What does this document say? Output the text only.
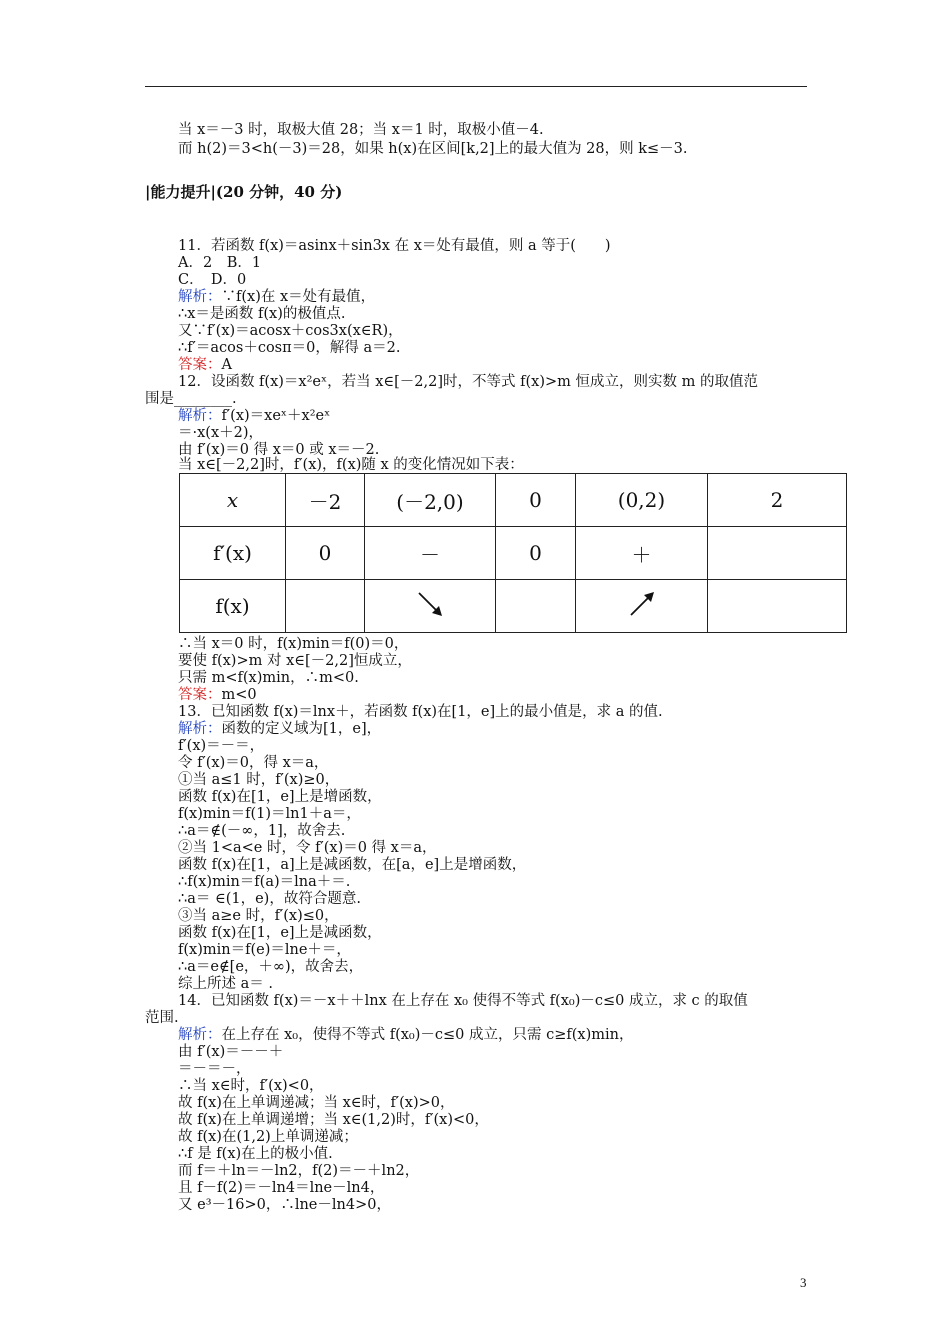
当 x＝－3 时，取极大值 28；当 x＝1 时，取极小值－4.
而 h(2)＝3<h(－3)＝28，如果 h(x)在区间[k,2]上的最大值为 28，则 k≤－3.
|能力提升|(20 分钟，40 分)
11．若函数 f(x)＝asinx＋sin3x 在 x＝处有最值，则 a 等于(　　)
A．2　B．1
C．　D．0
解析：∵f(x)在 x＝处有最值，
∴x＝是函数 f(x)的极值点.
又∵f′(x)＝acosx＋cos3x(x∈R)，
∴f′＝acos＋cosπ＝0，解得 a＝2.
答案：A
12．设函数 f(x)＝x²eˣ，若当 x∈[－2,2]时，不等式 f(x)>m 恒成立，则实数 m 的取值范
围是________.
解析：f′(x)＝xeˣ＋x²eˣ
＝·x(x＋2)，
由 f′(x)＝0 得 x＝0 或 x＝－2.
当 x∈[－2,2]时，f′(x)，f(x)随 x 的变化情况如下表：
x	－2	(－2,0)	0	(0,2)	2
f′(x)	0	－	0	＋	
f(x)					
∴当 x＝0 时，f(x)min＝f(0)＝0，
要使 f(x)>m 对 x∈[－2,2]恒成立，
只需 m<f(x)min，∴m<0.
答案：m<0
13．已知函数 f(x)＝lnx＋，若函数 f(x)在[1，e]上的最小值是，求 a 的值.
解析：函数的定义域为[1，e]，
f′(x)＝－＝，
令 f′(x)＝0，得 x＝a，
①当 a≤1 时，f′(x)≥0，
函数 f(x)在[1，e]上是增函数，
f(x)min＝f(1)＝ln1＋a＝，
∴a＝∉(－∞，1]，故舍去.
②当 1<a<e 时，令 f′(x)＝0 得 x＝a，
函数 f(x)在[1，a]上是减函数，在[a，e]上是增函数，
∴f(x)min＝f(a)＝lna＋＝.
∴a＝ ∈(1，e)，故符合题意.
③当 a≥e 时，f′(x)≤0，
函数 f(x)在[1，e]上是减函数，
f(x)min＝f(e)＝lne＋＝，
∴a＝e∉[e，＋∞)，故舍去，
综上所述 a＝ .
14．已知函数 f(x)＝－x＋＋lnx 在上存在 x₀ 使得不等式 f(x₀)－c≤0 成立，求 c 的取值
范围.
解析：在上存在 x₀，使得不等式 f(x₀)－c≤0 成立，只需 c≥f(x)min，
由 f′(x)＝－－＋
＝－＝－，
∴当 x∈时，f′(x)<0，
故 f(x)在上单调递减；当 x∈时，f′(x)>0，
故 f(x)在上单调递增；当 x∈(1,2)时，f′(x)<0，
故 f(x)在(1,2)上单调递减；
∴f 是 f(x)在上的极小值.
而 f＝＋ln＝－ln2，f(2)＝－＋ln2，
且 f－f(2)＝－ln4＝lne－ln4，
又 e³－16>0，∴lne－ln4>0，
3
